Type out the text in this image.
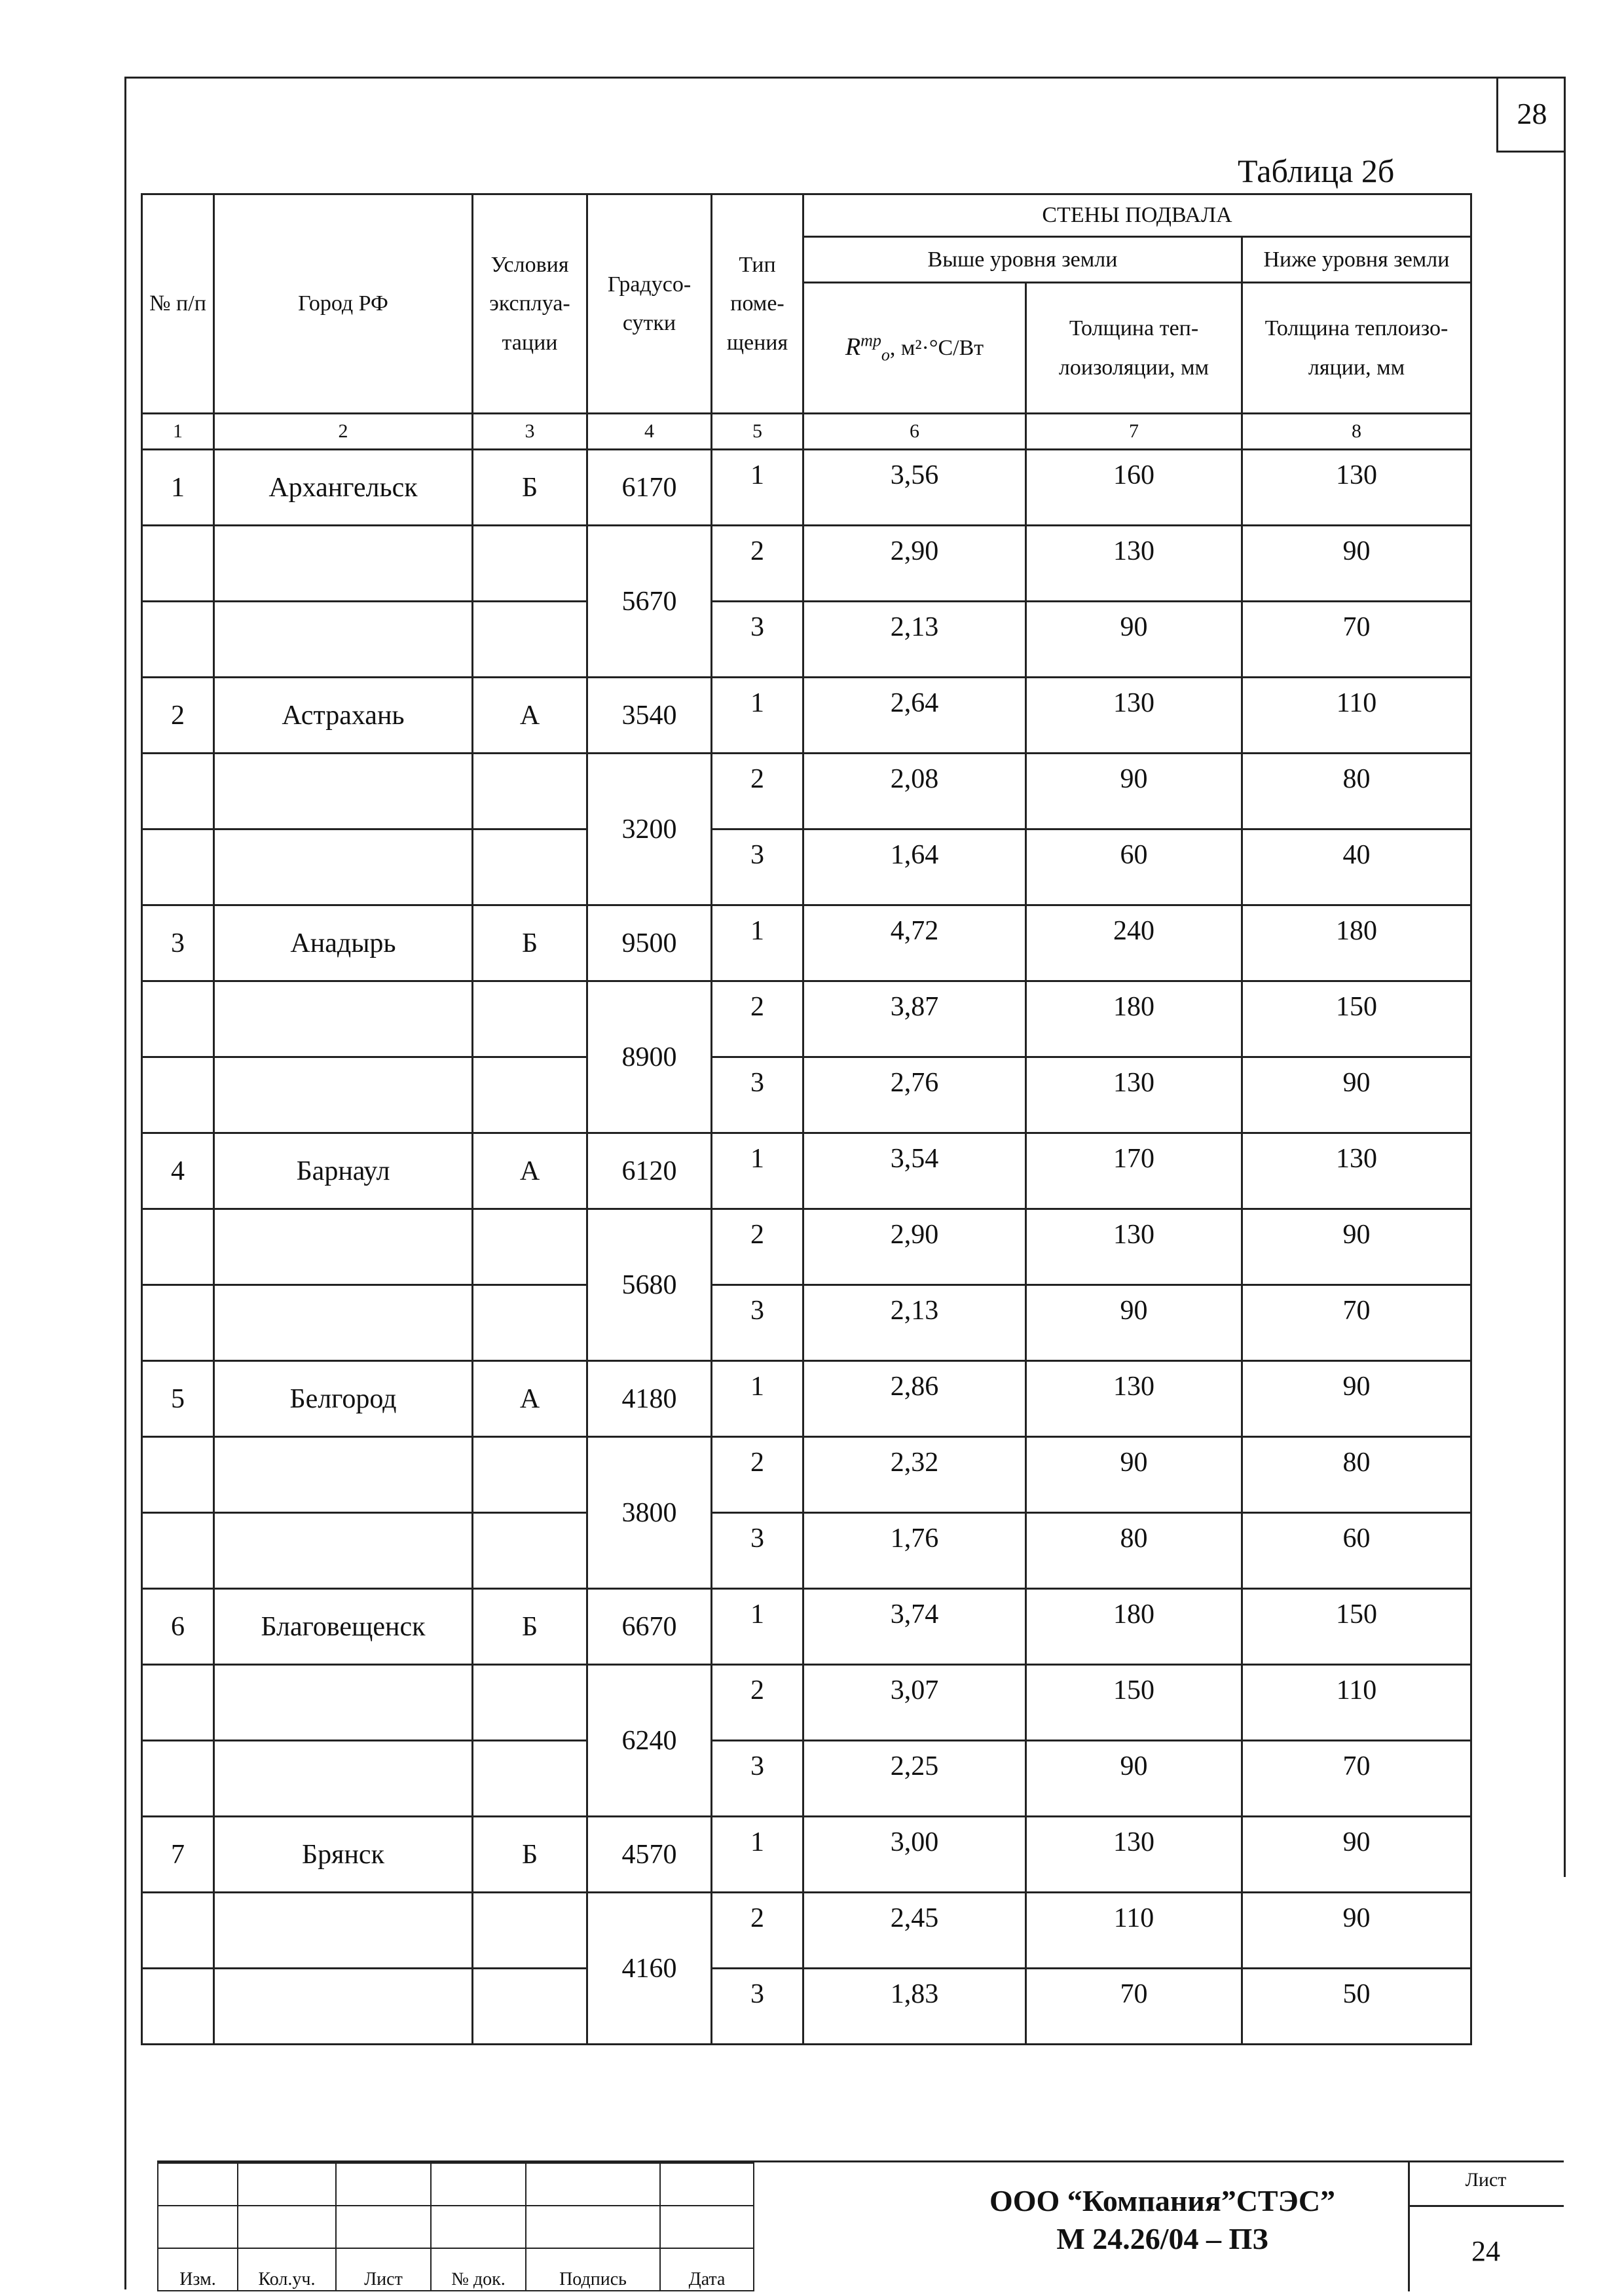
28
Таблица 2б
№ п/п	Город РФ	Условия эксплуа-тации	Градусо-сутки	Тип поме-щения	СТЕНЫ ПОДВАЛА		
					Выше уровня земли		Ниже уровня земли
					$R^{mp}_o$, м²·°С/Вт	Толщина теп-лоизоляции, мм	Толщина теплоизо-ляции, мм
1	2	3	4	5	6	7	8
1	Архангельск	Б	6170	1	3,56	160	130
			5670	2	2,90	130	90
				3	2,13	90	70
2	Астрахань	А	3540	1	2,64	130	110
			3200	2	2,08	90	80
				3	1,64	60	40
3	Анадырь	Б	9500	1	4,72	240	180
			8900	2	3,87	180	150
				3	2,76	130	90
4	Барнаул	А	6120	1	3,54	170	130
			5680	2	2,90	130	90
				3	2,13	90	70
5	Белгород	А	4180	1	2,86	130	90
			3800	2	2,32	90	80
				3	1,76	80	60
6	Благовещенск	Б	6670	1	3,74	180	150
			6240	2	3,07	150	110
				3	2,25	90	70
7	Брянск	Б	4570	1	3,00	130	90
			4160	2	2,45	110	90
				3	1,83	70	50

Изм.	Кол.уч.	Лист	№ док.	Подпись	Дата
ООО “Компания”СТЭС”
М 24.26/04 – ПЗ
Лист
24
